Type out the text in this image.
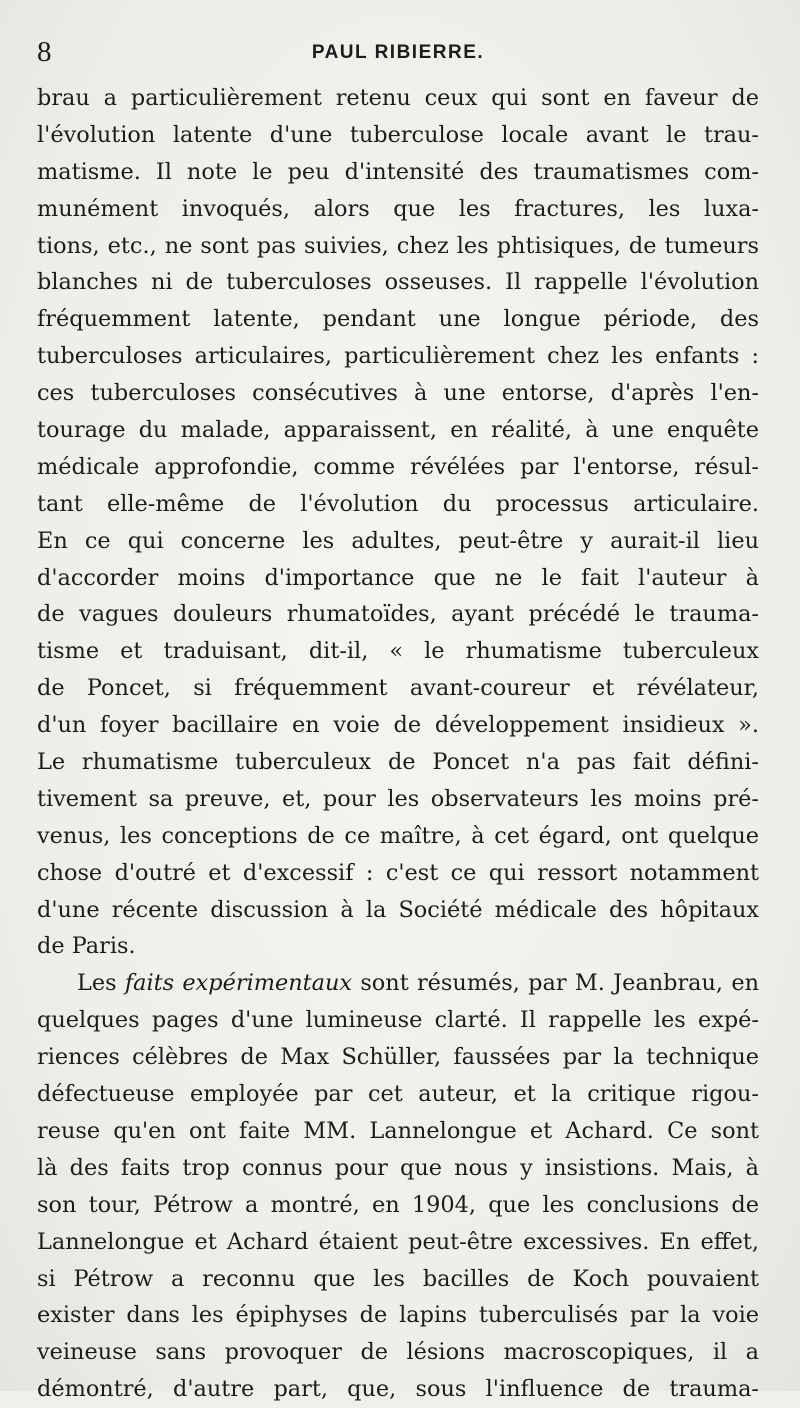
8	PAUL RIBIERRE.
brau a particulièrement retenu ceux qui sont en faveur de
l'évolution latente d'une tuberculose locale avant le trau-
matisme. Il note le peu d'intensité des traumatismes com-
munément invoqués, alors que les fractures, les luxa-
tions, etc., ne sont pas suivies, chez les phtisiques, de tumeurs
blanches ni de tuberculoses osseuses. Il rappelle l'évolution
fréquemment latente, pendant une longue période, des
tuberculoses articulaires, particulièrement chez les enfants :
ces tuberculoses consécutives à une entorse, d'après l'en-
tourage du malade, apparaissent, en réalité, à une enquête
médicale approfondie, comme révélées par l'entorse, résul-
tant elle-même de l'évolution du processus articulaire.
En ce qui concerne les adultes, peut-être y aurait-il lieu
d'accorder moins d'importance que ne le fait l'auteur à
de vagues douleurs rhumatoïdes, ayant précédé le trauma-
tisme et traduisant, dit-il, « le rhumatisme tuberculeux
de Poncet, si fréquemment avant-coureur et révélateur,
d'un foyer bacillaire en voie de développement insidieux ».
Le rhumatisme tuberculeux de Poncet n'a pas fait défini-
tivement sa preuve, et, pour les observateurs les moins pré-
venus, les conceptions de ce maître, à cet égard, ont quelque
chose d'outré et d'excessif : c'est ce qui ressort notamment
d'une récente discussion à la Société médicale des hôpitaux
de Paris.
Les faits expérimentaux sont résumés, par M. Jeanbrau, en
quelques pages d'une lumineuse clarté. Il rappelle les expé-
riences célèbres de Max Schüller, faussées par la technique
défectueuse employée par cet auteur, et la critique rigou-
reuse qu'en ont faite MM. Lannelongue et Achard. Ce sont
là des faits trop connus pour que nous y insistions. Mais, à
son tour, Pétrow a montré, en 1904, que les conclusions de
Lannelongue et Achard étaient peut-être excessives. En effet,
si Pétrow a reconnu que les bacilles de Koch pouvaient
exister dans les épiphyses de lapins tuberculisés par la voie
veineuse sans provoquer de lésions macroscopiques, il a
démontré, d'autre part, que, sous l'influence de trauma-
